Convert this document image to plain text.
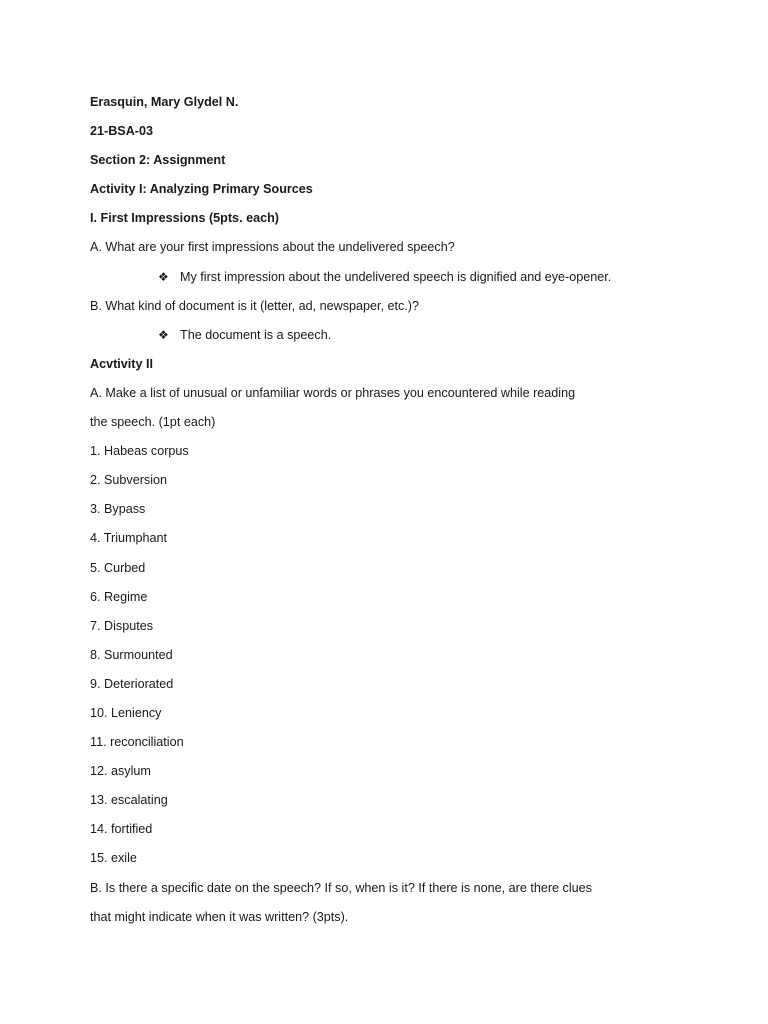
Erasquin, Mary Glydel N.
21-BSA-03
Section 2: Assignment
Activity I: Analyzing Primary Sources
I. First Impressions (5pts. each)
A. What are your first impressions about the undelivered speech?
❖ My first impression about the undelivered speech is dignified and eye-opener.
B. What kind of document is it (letter, ad, newspaper, etc.)?
❖ The document is a speech.
Acvtivity II
A. Make a list of unusual or unfamiliar words or phrases you encountered while reading
the speech. (1pt each)
1. Habeas corpus
2. Subversion
3. Bypass
4. Triumphant
5. Curbed
6. Regime
7. Disputes
8. Surmounted
9. Deteriorated
10. Leniency
11. reconciliation
12. asylum
13. escalating
14. fortified
15. exile
B. Is there a specific date on the speech? If so, when is it? If there is none, are there clues
that might indicate when it was written? (3pts).
